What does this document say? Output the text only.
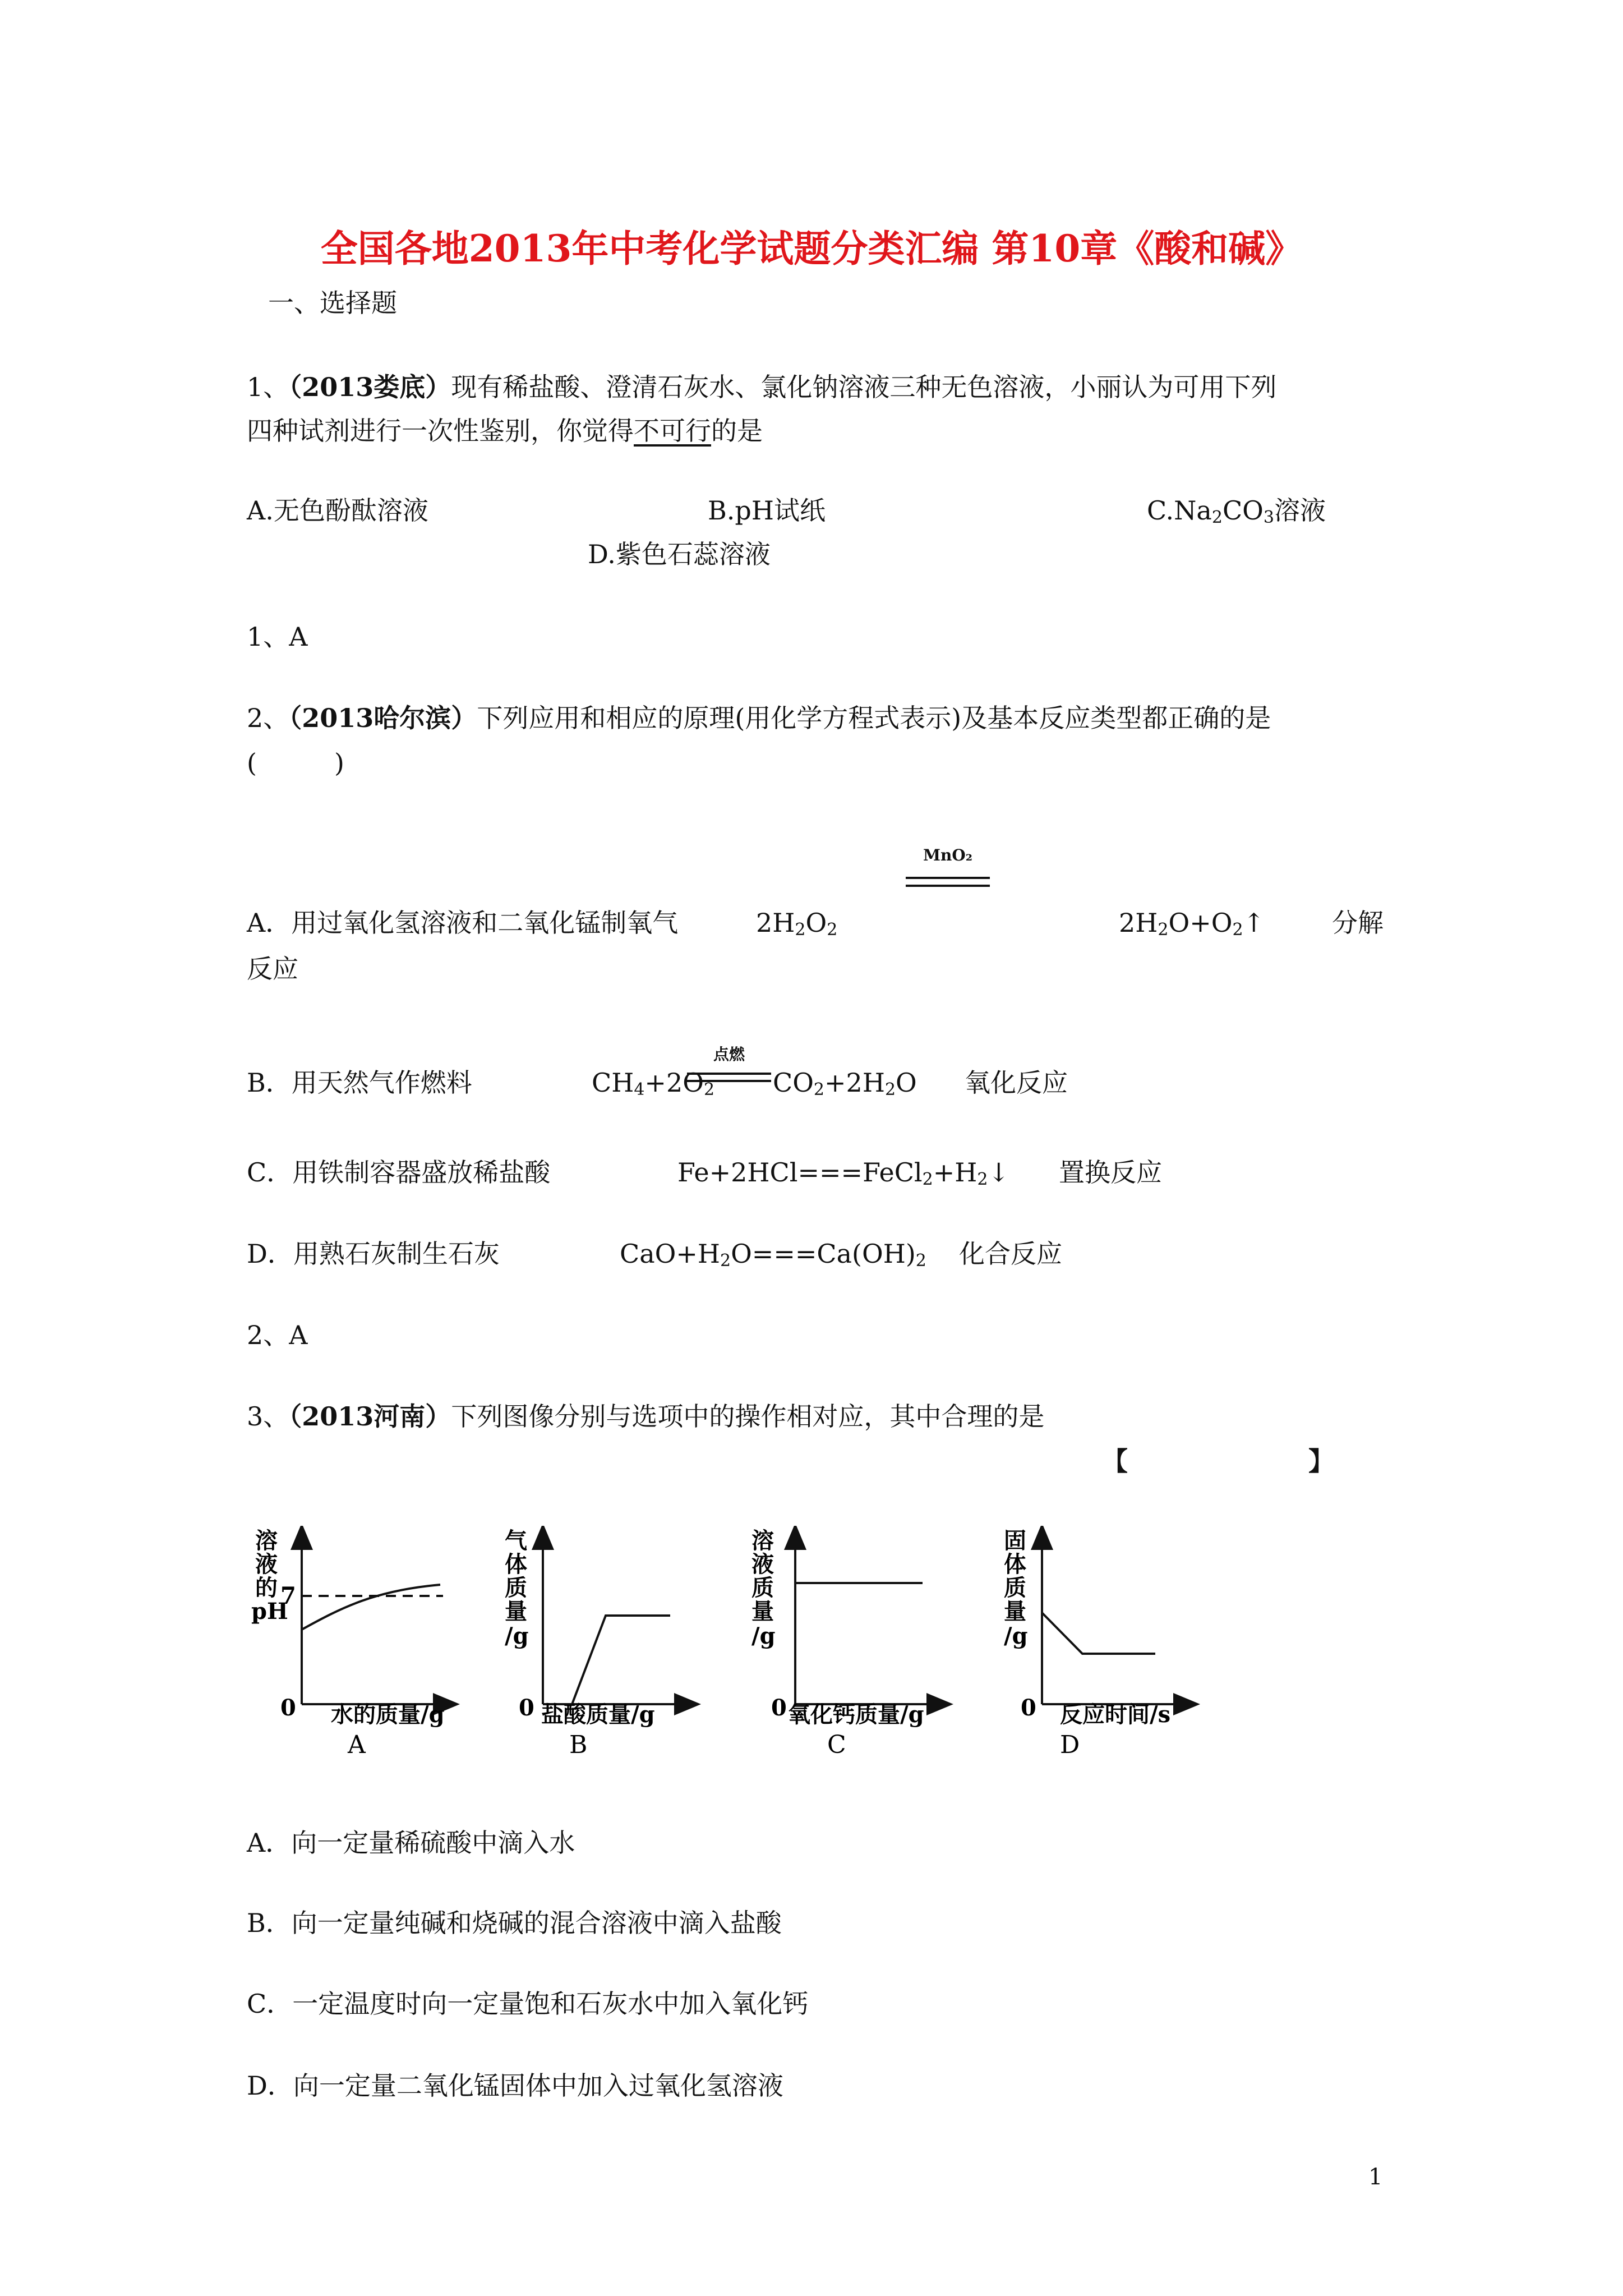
全国各地2013年中考化学试题分类汇编 第10章《酸和碱》
一、选择题
1、（2013娄底）现有稀盐酸、澄清石灰水、氯化钠溶液三种无色溶液，小丽认为可用下列
四种试剂进行一次性鉴别，你觉得不可行的是
A.无色酚酞溶液	B.pH试纸	$C.Na_2CO_3$溶液
D.紫色石蕊溶液
1、A
2、（2013哈尔滨）下列应用和相应的原理(用化学方程式表示)及基本反应类型都正确的是
(　　　)
MnO₂
A．用过氧化氢溶液和二氧化锰制氧气	$2H_2O_2$	$2H_2O+O_2↑$	分解
反应
点燃
B．用天然气作燃料	$CH_4+2O_2$ $CO_2+2H_2O$ 氧化反应
C．用铁制容器盛放稀盐酸	$Fe+2HCl===FeCl_2+H_2↓$ 置换反应
D．用熟石灰制生石灰	$CaO+H_2O===Ca(OH)_2$ 化合反应
2、A
3、（2013河南）下列图像分别与选项中的操作相对应，其中合理的是
【　　　　　　　】
溶
液
的
pH
7
0 水的质量/g
A
气
体
质
量
/g
0 盐酸质量/g
B
溶
液
质
量
/g
0 氧化钙质量/g
C
固
体
质
量
/g
0 反应时间/s
D
A．向一定量稀硫酸中滴入水
B．向一定量纯碱和烧碱的混合溶液中滴入盐酸
C．一定温度时向一定量饱和石灰水中加入氧化钙
D．向一定量二氧化锰固体中加入过氧化氢溶液
1
